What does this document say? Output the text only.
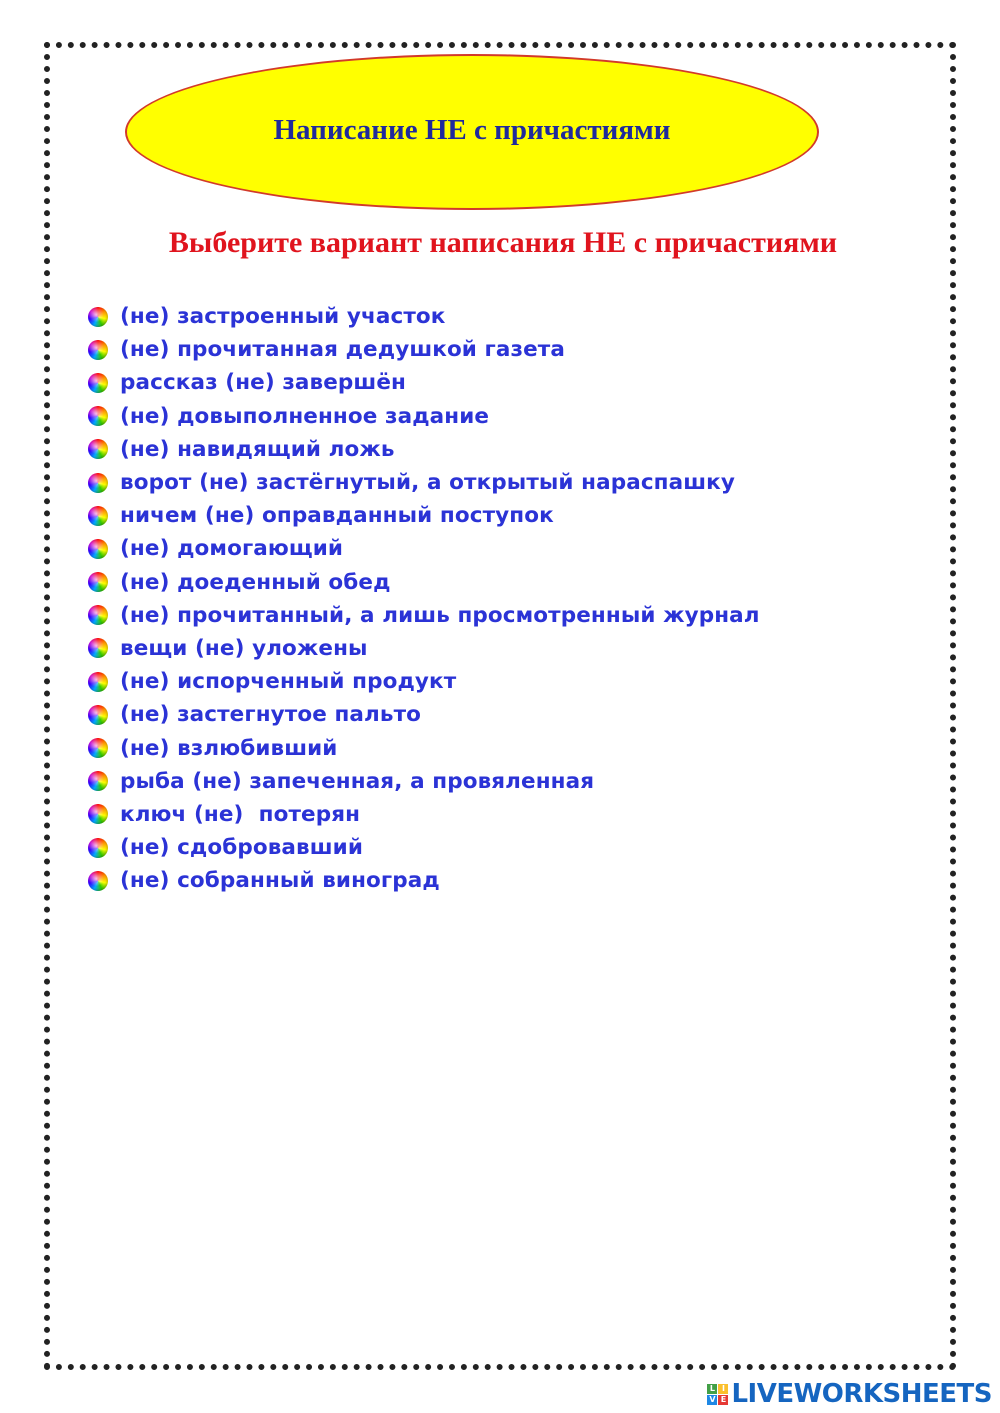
Написание НЕ с причастиями
Выберите вариант написания НЕ с причастиями
(не) застроенный участок
(не) прочитанная дедушкой газета
рассказ (не) завершён
(не) довыполненное задание
(не) навидящий ложь
ворот (не) застёгнутый, а открытый нараспашку
ничем (не) оправданный поступок
(не) домогающий
(не) доеденный обед
(не) прочитанный, а лишь просмотренный журнал
вещи (не) уложены
(не) испорченный продукт
(не) застегнутое пальто
(не) взлюбивший
рыба (не) запеченная, а провяленная
ключ (не)  потерян
(не) сдобровавший
(не) собранный виноград
L I
V E LIVEWORKSHEETS
